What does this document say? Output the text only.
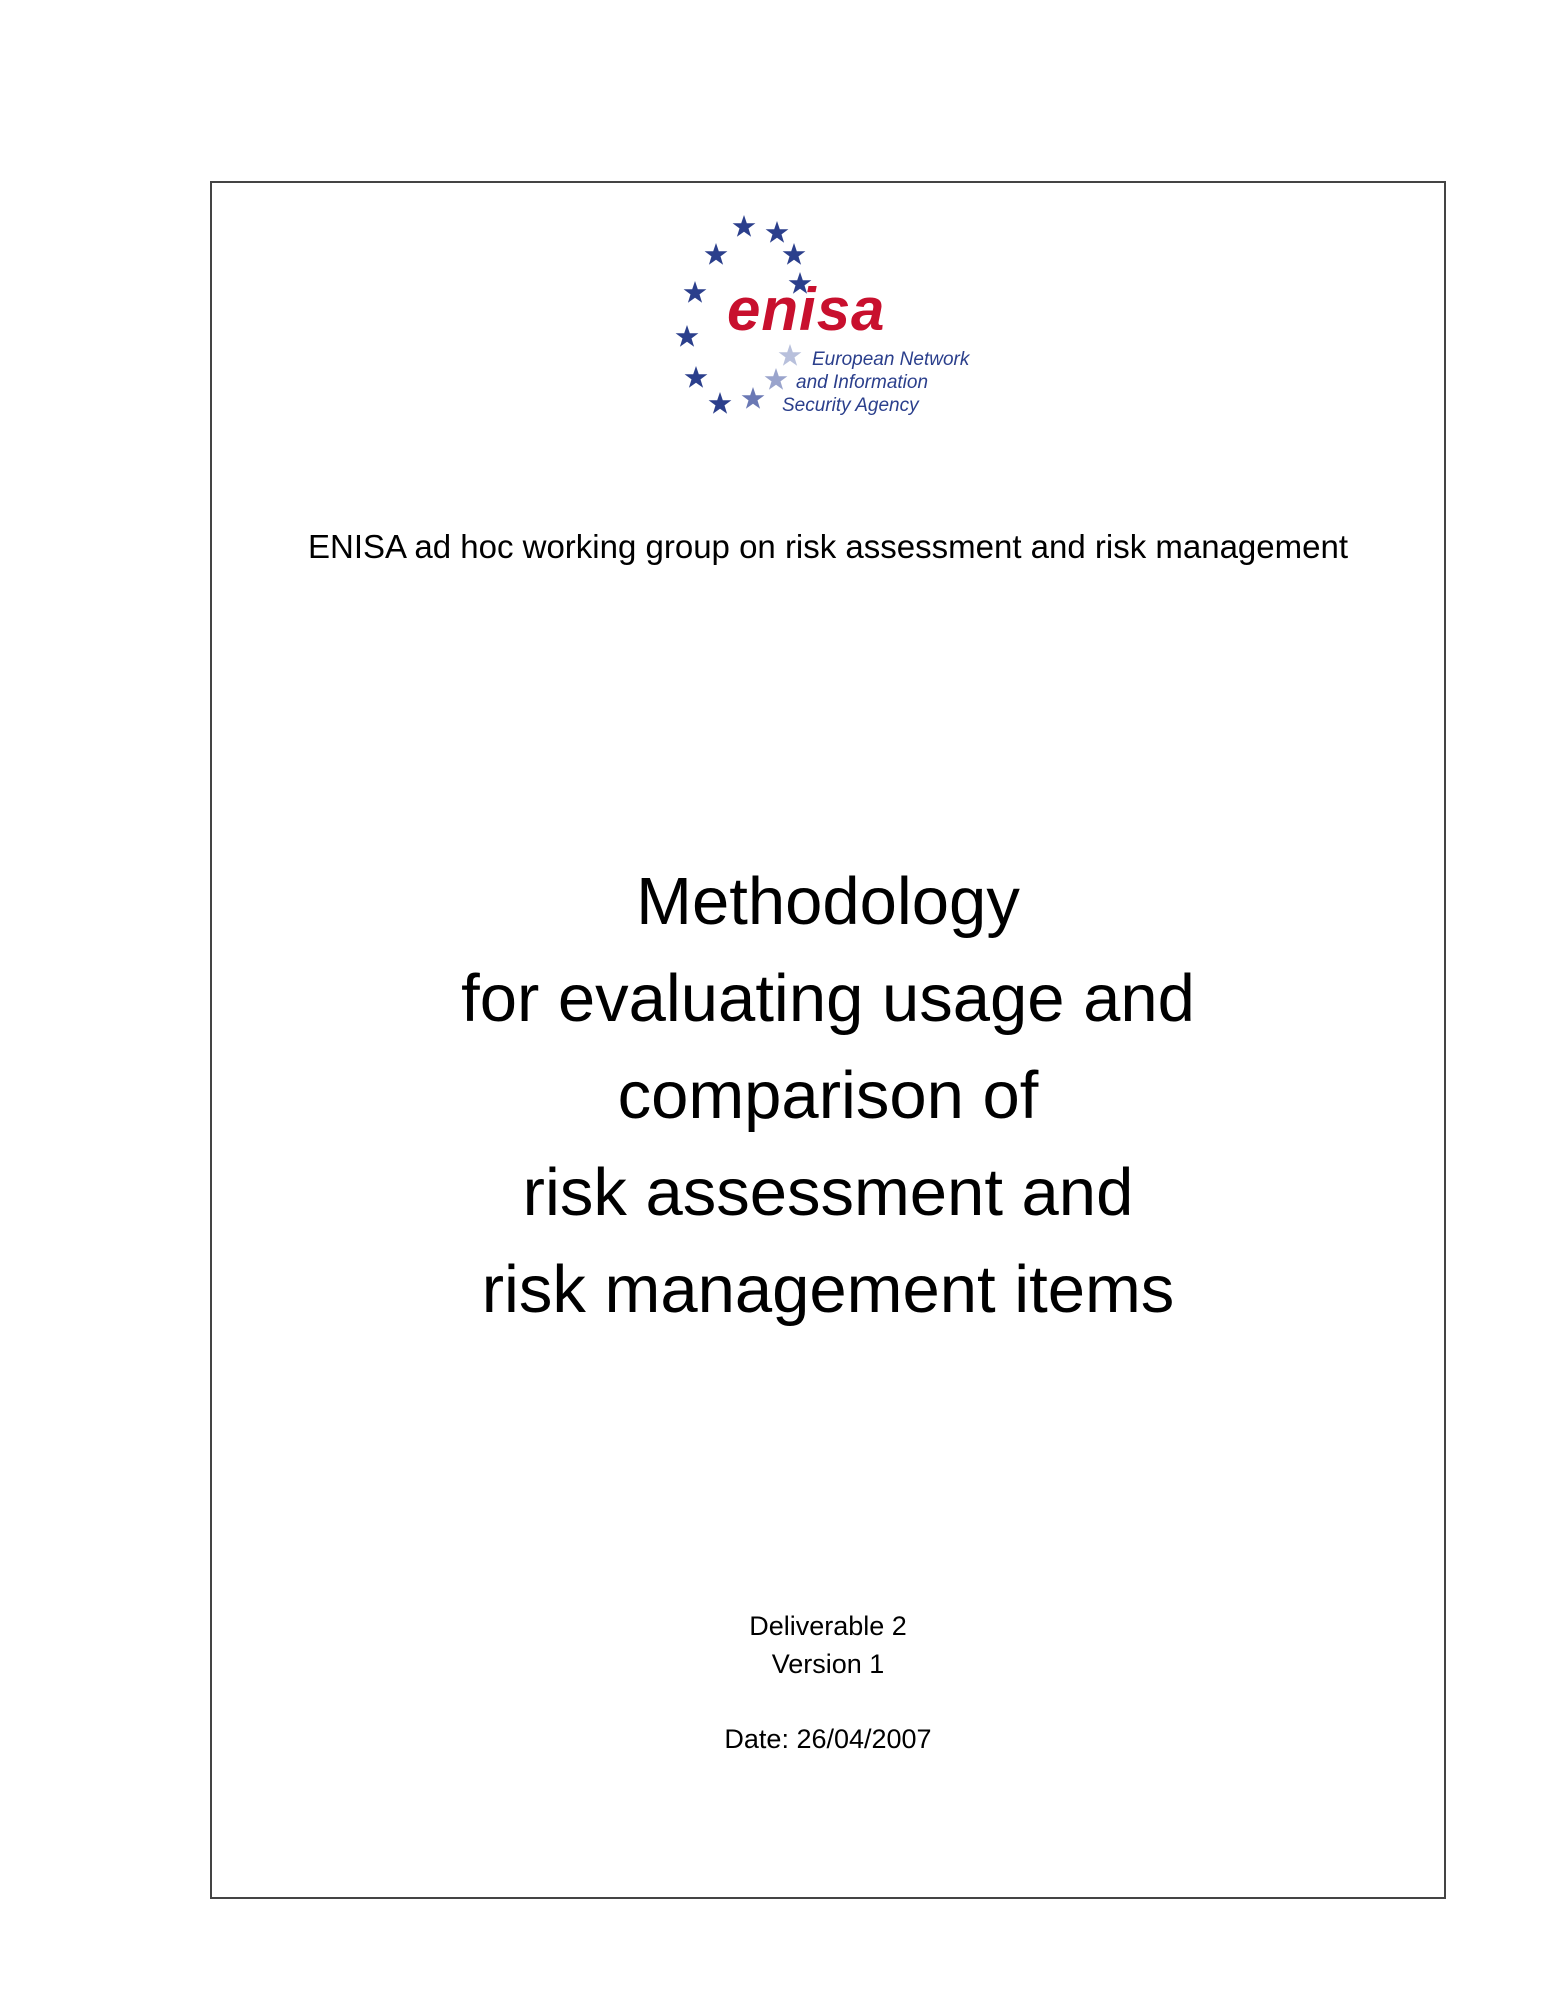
enisa
European Network
and Information
Security Agency
ENISA ad hoc working group on risk assessment and risk management
Methodology
for evaluating usage and
comparison of
risk assessment and
risk management items
Deliverable 2
Version 1
Date: 26/04/2007
